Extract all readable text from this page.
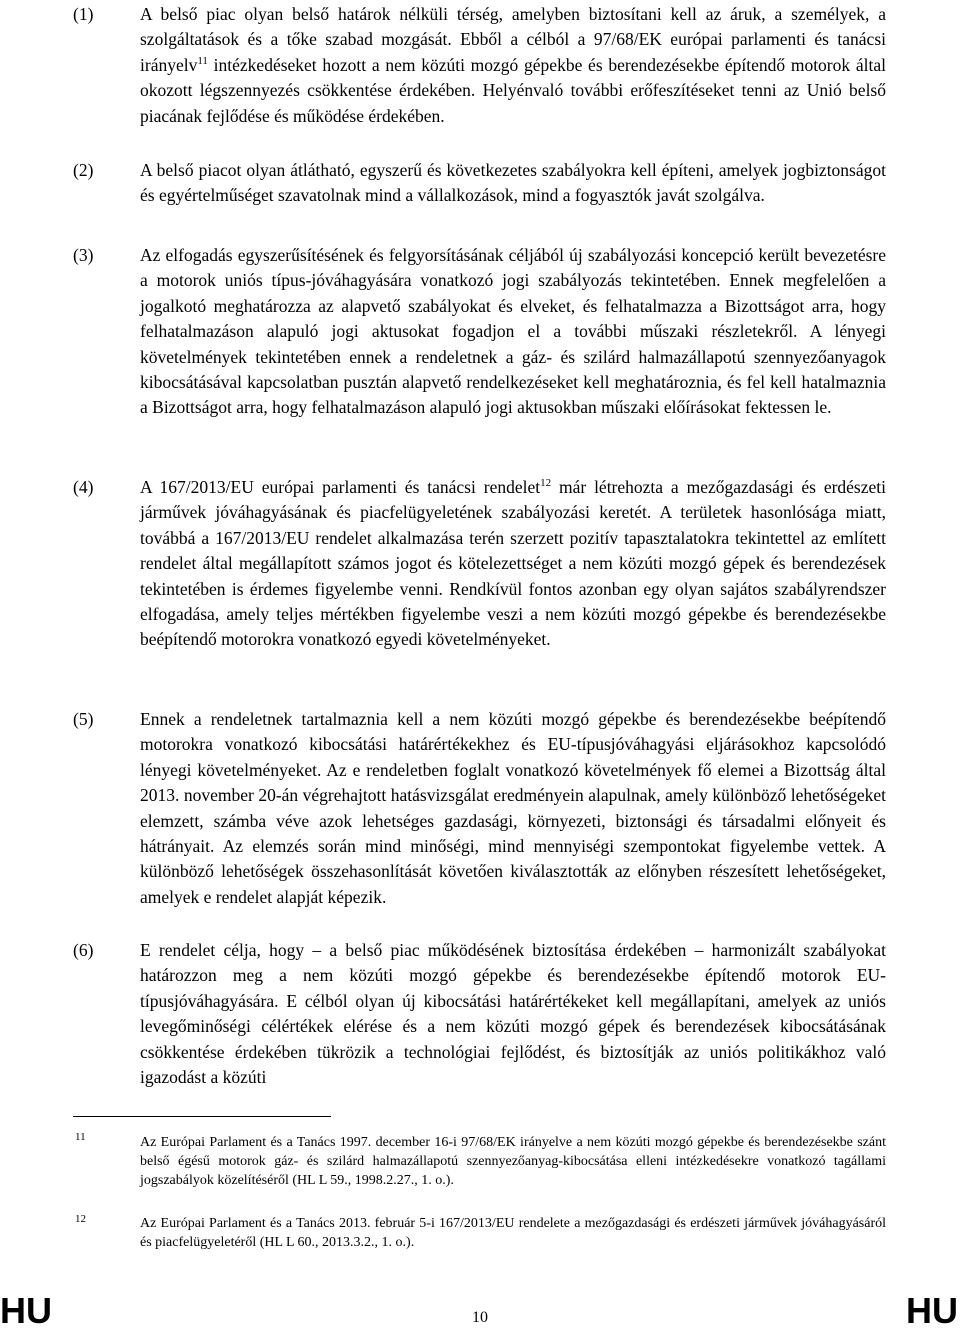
(1)	A belső piac olyan belső határok nélküli térség, amelyben biztosítani kell az áruk, a személyek, a szolgáltatások és a tőke szabad mozgását. Ebből a célból a 97/68/EK európai parlamenti és tanácsi irányelv$^{11}$ intézkedéseket hozott a nem közúti mozgó gépekbe és berendezésekbe építendő motorok által okozott légszennyezés csökkentése érdekében. Helyénvaló további erőfeszítéseket tenni az Unió belső piacának fejlődése és működése érdekében.
(2)	A belső piacot olyan átlátható, egyszerű és következetes szabályokra kell építeni, amelyek jogbiztonságot és egyértelműséget szavatolnak mind a vállalkozások, mind a fogyasztók javát szolgálva.
(3)	Az elfogadás egyszerűsítésének és felgyorsításának céljából új szabályozási koncepció került bevezetésre a motorok uniós típus-jóváhagyására vonatkozó jogi szabályozás tekintetében. Ennek megfelelően a jogalkotó meghatározza az alapvető szabályokat és elveket, és felhatalmazza a Bizottságot arra, hogy felhatalmazáson alapuló jogi aktusokat fogadjon el a további műszaki részletekről. A lényegi követelmények tekintetében ennek a rendeletnek a gáz- és szilárd halmazállapotú szennyezőanyagok kibocsátásával kapcsolatban pusztán alapvető rendelkezéseket kell meghatároznia, és fel kell hatalmaznia a Bizottságot arra, hogy felhatalmazáson alapuló jogi aktusokban műszaki előírásokat fektessen le.
(4)	A 167/2013/EU európai parlamenti és tanácsi rendelet$^{12}$ már létrehozta a mezőgazdasági és erdészeti járművek jóváhagyásának és piacfelügyeletének szabályozási keretét. A területek hasonlósága miatt, továbbá a 167/2013/EU rendelet alkalmazása terén szerzett pozitív tapasztalatokra tekintettel az említett rendelet által megállapított számos jogot és kötelezettséget a nem közúti mozgó gépek és berendezések tekintetében is érdemes figyelembe venni. Rendkívül fontos azonban egy olyan sajátos szabályrendszer elfogadása, amely teljes mértékben figyelembe veszi a nem közúti mozgó gépekbe és berendezésekbe beépítendő motorokra vonatkozó egyedi követelményeket.
(5)	Ennek a rendeletnek tartalmaznia kell a nem közúti mozgó gépekbe és berendezésekbe beépítendő motorokra vonatkozó kibocsátási határértékekhez és EU-típusjóváhagyási eljárásokhoz kapcsolódó lényegi követelményeket. Az e rendeletben foglalt vonatkozó követelmények fő elemei a Bizottság által 2013. november 20-án végrehajtott hatásvizsgálat eredményein alapulnak, amely különböző lehetőségeket elemzett, számba véve azok lehetséges gazdasági, környezeti, biztonsági és társadalmi előnyeit és hátrányait. Az elemzés során mind minőségi, mind mennyiségi szempontokat figyelembe vettek. A különböző lehetőségek összehasonlítását követően kiválasztották az előnyben részesített lehetőségeket, amelyek e rendelet alapját képezik.
(6)	E rendelet célja, hogy – a belső piac működésének biztosítása érdekében – harmonizált szabályokat határozzon meg a nem közúti mozgó gépekbe és berendezésekbe építendő motorok EU-típusjóváhagyására. E célból olyan új kibocsátási határértékeket kell megállapítani, amelyek az uniós levegőminőségi célértékek elérése és a nem közúti mozgó gépek és berendezések kibocsátásának csökkentése érdekében tükrözik a technológiai fejlődést, és biztosítják az uniós politikákhoz való igazodást a közúti
11	Az Európai Parlament és a Tanács 1997. december 16-i 97/68/EK irányelve a nem közúti mozgó gépekbe és berendezésekbe szánt belső égésű motorok gáz- és szilárd halmazállapotú szennyezőanyag-kibocsátása elleni intézkedésekre vonatkozó tagállami jogszabályok közelítéséről (HL L 59., 1998.2.27., 1. o.).
12	Az Európai Parlament és a Tanács 2013. február 5-i 167/2013/EU rendelete a mezőgazdasági és erdészeti járművek jóváhagyásáról és piacfelügyeletéről (HL L 60., 2013.3.2., 1. o.).
HU	10	HU
